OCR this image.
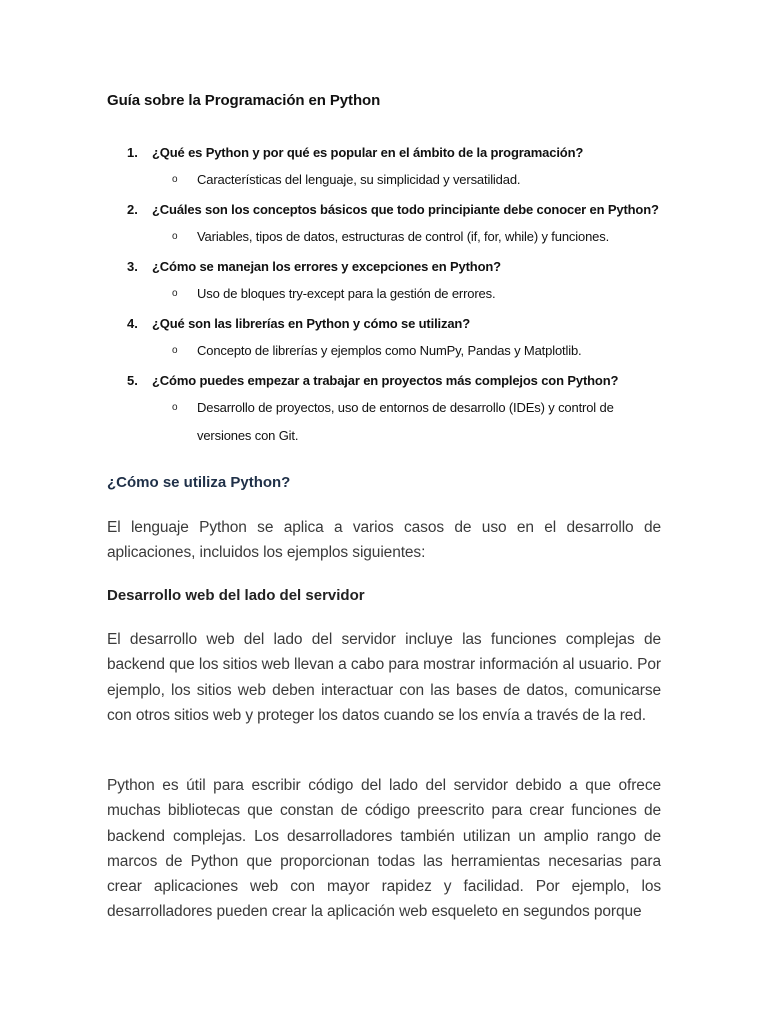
Guía sobre la Programación en Python
1. ¿Qué es Python y por qué es popular en el ámbito de la programación?
o Características del lenguaje, su simplicidad y versatilidad.
2. ¿Cuáles son los conceptos básicos que todo principiante debe conocer en Python?
o Variables, tipos de datos, estructuras de control (if, for, while) y funciones.
3. ¿Cómo se manejan los errores y excepciones en Python?
o Uso de bloques try-except para la gestión de errores.
4. ¿Qué son las librerías en Python y cómo se utilizan?
o Concepto de librerías y ejemplos como NumPy, Pandas y Matplotlib.
5. ¿Cómo puedes empezar a trabajar en proyectos más complejos con Python?
o Desarrollo de proyectos, uso de entornos de desarrollo (IDEs) y control de versiones con Git.
¿Cómo se utiliza Python?

El lenguaje Python se aplica a varios casos de uso en el desarrollo de aplicaciones, incluidos los ejemplos siguientes:

Desarrollo web del lado del servidor

El desarrollo web del lado del servidor incluye las funciones complejas de backend que los sitios web llevan a cabo para mostrar información al usuario. Por ejemplo, los sitios web deben interactuar con las bases de datos, comunicarse con otros sitios web y proteger los datos cuando se los envía a través de la red.

Python es útil para escribir código del lado del servidor debido a que ofrece muchas bibliotecas que constan de código preescrito para crear funciones de backend complejas. Los desarrolladores también utilizan un amplio rango de marcos de Python que proporcionan todas las herramientas necesarias para crear aplicaciones web con mayor rapidez y facilidad. Por ejemplo, los desarrolladores pueden crear la aplicación web esqueleto en segundos porque
